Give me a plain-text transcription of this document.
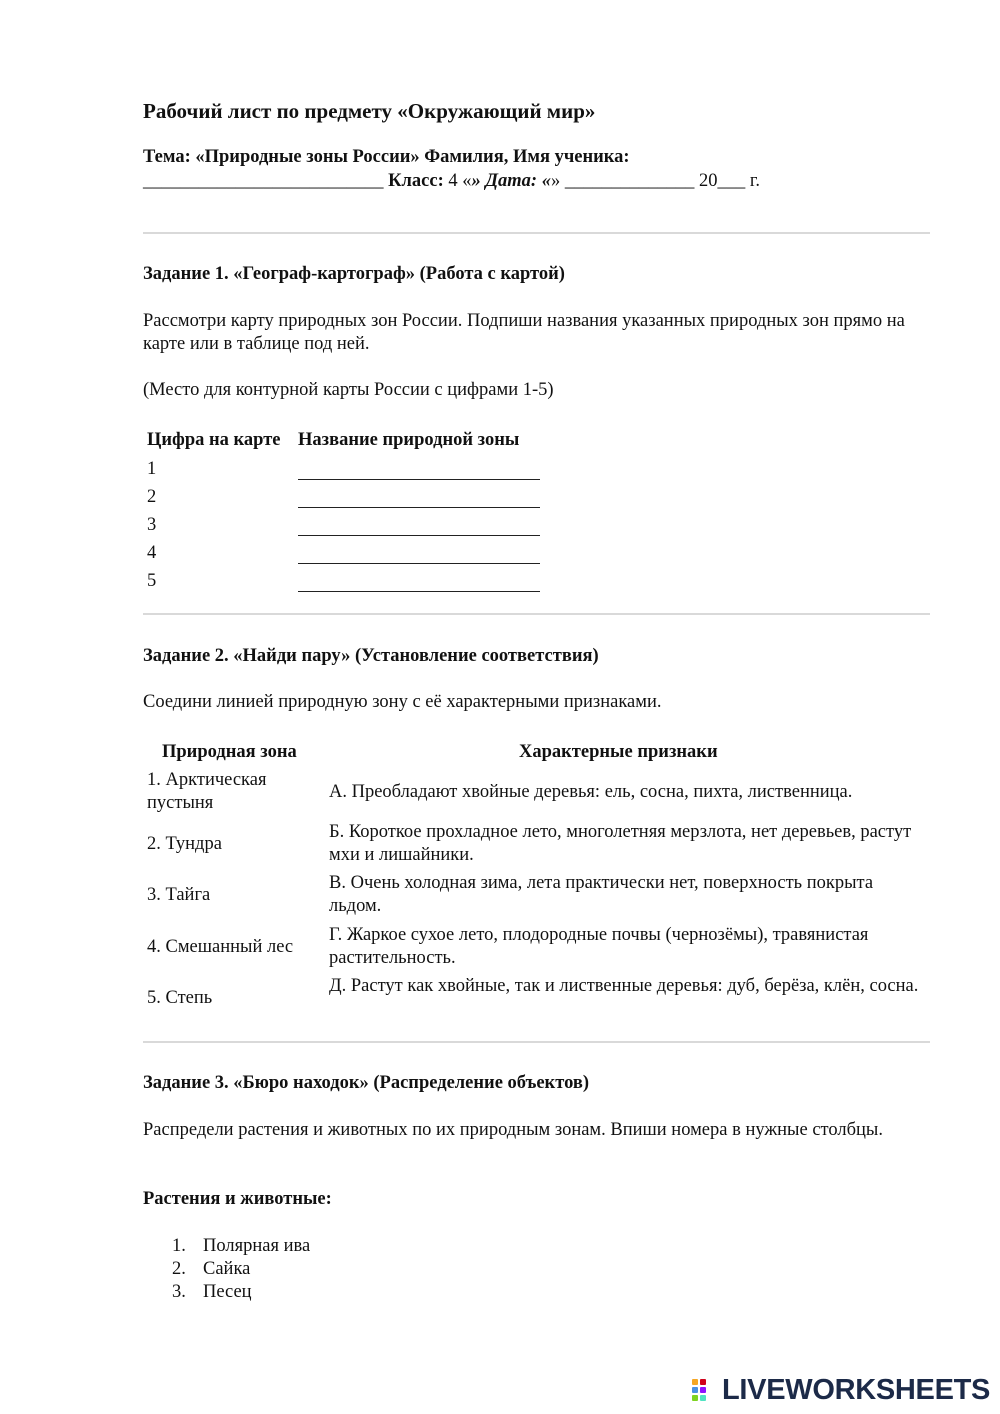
Рабочий лист по предмету «Окружающий мир»
Тема: «Природные зоны России» Фамилия, Имя ученика:
__________________________ Класс: 4 «» Дата: «» ______________ 20___ г.
Задание 1. «Географ-картограф» (Работа с картой)
Рассмотри карту природных зон России. Подпиши названия указанных природных зон прямо на карте или в таблице под ней.
(Место для контурной карты России с цифрами 1-5)
Цифра на карте Название природной зоны
1
2
3
4
5
Задание 2. «Найди пару» (Установление соответствия)
Соедини линией природную зону с её характерными признаками.
Природная зона	Характерные признаки
1. Арктическая пустыня
А. Преобладают хвойные деревья: ель, сосна, пихта, лиственница.
2. Тундра
Б. Короткое прохладное лето, многолетняя мерзлота, нет деревьев, растут мхи и лишайники.
3. Тайга
В. Очень холодная зима, лета практически нет, поверхность покрыта льдом.
4. Смешанный лес
Г. Жаркое сухое лето, плодородные почвы (чернозёмы), травянистая растительность.
5. Степь
Д. Растут как хвойные, так и лиственные деревья: дуб, берёза, клён, сосна.
Задание 3. «Бюро находок» (Распределение объектов)
Распредели растения и животных по их природным зонам. Впиши номера в нужные столбцы.
Растения и животные:
1. Полярная ива
2. Сайка
3. Песец
LIVEWORKSHEETS
